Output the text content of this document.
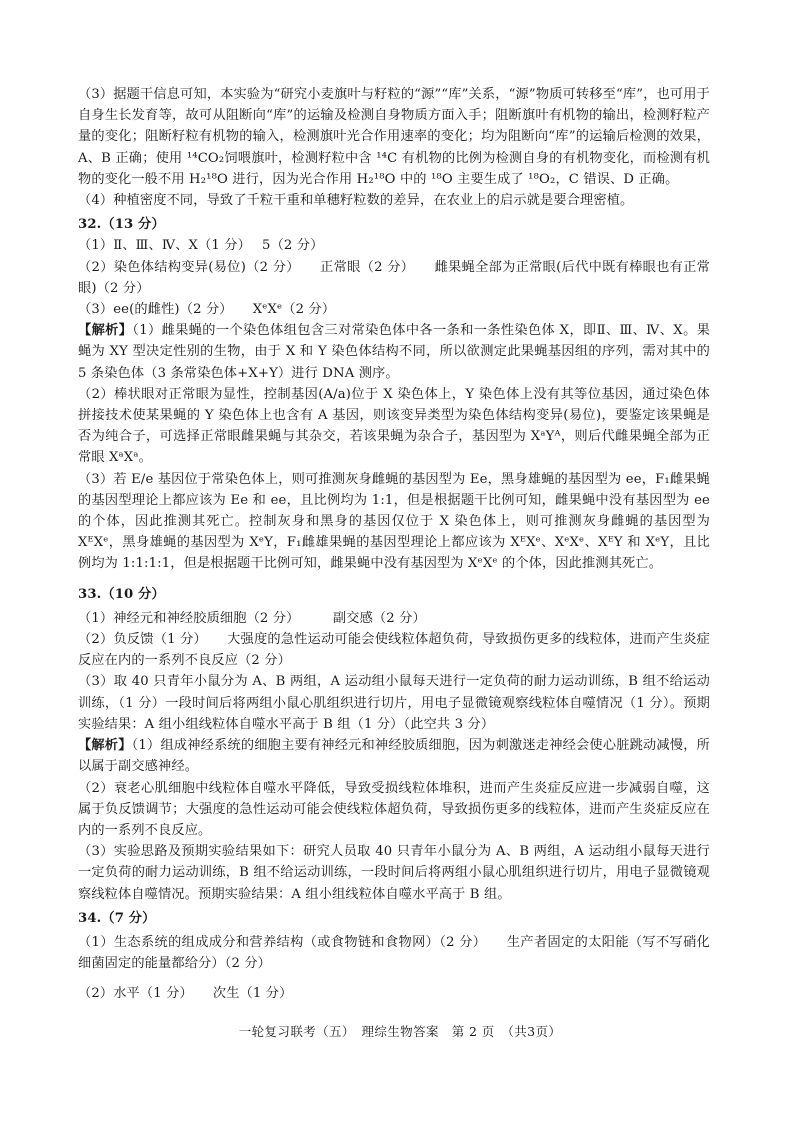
（3）据题干信息可知，本实验为“研究小麦旗叶与籽粒的“源”“库”关系，“源”物质可转移至“库”，也可用于自身生长发育等，故可从阻断向“库”的运输及检测自身物质方面入手；阻断旗叶有机物的输出，检测籽粒产量的变化；阻断籽粒有机物的输入，检测旗叶光合作用速率的变化；均为阻断向“库”的运输后检测的效果，A、B 正确；使用 ¹⁴CO₂饲喂旗叶，检测籽粒中含 ¹⁴C 有机物的比例为检测自身的有机物变化，而检测有机物的变化一般不用 H₂¹⁸O 进行，因为光合作用 H₂¹⁸O 中的 ¹⁸O 主要生成了 ¹⁸O₂，C 错误、D 正确。

（4）种植密度不同，导致了千粒干重和单穗籽粒数的差异，在农业上的启示就是要合理密植。

32.（13 分）

（1）Ⅱ、Ⅲ、Ⅳ、X（1 分）　 5（2 分）

（2）染色体结构变异(易位)（2 分）　　正常眼（2 分）　　雌果蝇全部为正常眼(后代中既有棒眼也有正常眼)（2 分）

（3）ee(的雌性)（2 分）　　XᵉXᵉ（2 分）

【解析】（1）雌果蝇的一个染色体组包含三对常染色体中各一条和一条性染色体 X，即Ⅱ、Ⅲ、Ⅳ、X。果蝇为 XY 型决定性别的生物，由于 X 和 Y 染色体结构不同，所以欲测定此果蝇基因组的序列，需对其中的 5 条染色体（3 条常染色体+X+Y）进行 DNA 测序。

（2）棒状眼对正常眼为显性，控制基因(A/a)位于 X 染色体上，Y 染色体上没有其等位基因，通过染色体拼接技术使某果蝇的 Y 染色体上也含有 A 基因，则该变异类型为染色体结构变异(易位)，要鉴定该果蝇是否为纯合子，可选择正常眼雌果蝇与其杂交，若该果蝇为杂合子，基因型为 XᵃYᴬ，则后代雌果蝇全部为正常眼 XᵃXᵃ。

（3）若 E/e 基因位于常染色体上，则可推测灰身雌蝇的基因型为 Ee，黑身雄蝇的基因型为 ee，F₁雌果蝇的基因型理论上都应该为 Ee 和 ee，且比例均为 1:1，但是根据题干比例可知，雌果蝇中没有基因型为 ee 的个体，因此推测其死亡。控制灰身和黑身的基因仅位于 X 染色体上，则可推测灰身雌蝇的基因型为 XᴱXᵉ，黑身雄蝇的基因型为 XᵉY，F₁雌雄果蝇的基因型理论上都应该为 XᴱXᵉ、XᵉXᵉ、XᴱY 和 XᵉY，且比例均为 1:1:1:1，但是根据题干比例可知，雌果蝇中没有基因型为 XᵉXᵉ 的个体，因此推测其死亡。

33.（10 分）

（1）神经元和神经胶质细胞（2 分）　　　副交感（2 分）

（2）负反馈（1 分）　　大强度的急性运动可能会使线粒体超负荷，导致损伤更多的线粒体，进而产生炎症反应在内的一系列不良反应（2 分）

（3）取 40 只青年小鼠分为 A、B 两组，A 运动组小鼠每天进行一定负荷的耐力运动训练，B 组不给运动训练，（1 分）一段时间后将两组小鼠心肌组织进行切片，用电子显微镜观察线粒体自噬情况（1 分）。预期实验结果：A 组小组线粒体自噬水平高于 B 组（1 分）（此空共 3 分）

【解析】（1）组成神经系统的细胞主要有神经元和神经胶质细胞，因为刺激迷走神经会使心脏跳动减慢，所以属于副交感神经。

（2）衰老心肌细胞中线粒体自噬水平降低，导致受损线粒体堆积，进而产生炎症反应进一步减弱自噬，这属于负反馈调节；大强度的急性运动可能会使线粒体超负荷，导致损伤更多的线粒体，进而产生炎症反应在内的一系列不良反应。

（3）实验思路及预期实验结果如下：研究人员取 40 只青年小鼠分为 A、B 两组，A 运动组小鼠每天进行一定负荷的耐力运动训练，B 组不给运动训练，一段时间后将两组小鼠心肌组织进行切片，用电子显微镜观察线粒体自噬情况。预期实验结果：A 组小组线粒体自噬水平高于 B 组。

34.（7 分）

（1）生态系统的组成成分和营养结构（或食物链和食物网）（2 分）　　生产者固定的太阳能（写不写硝化细菌固定的能量都给分）（2 分）

（2）水平（1 分）　　次生（1 分）

一轮复习联考（五）　理综生物答案　第 2 页　（共3页）
